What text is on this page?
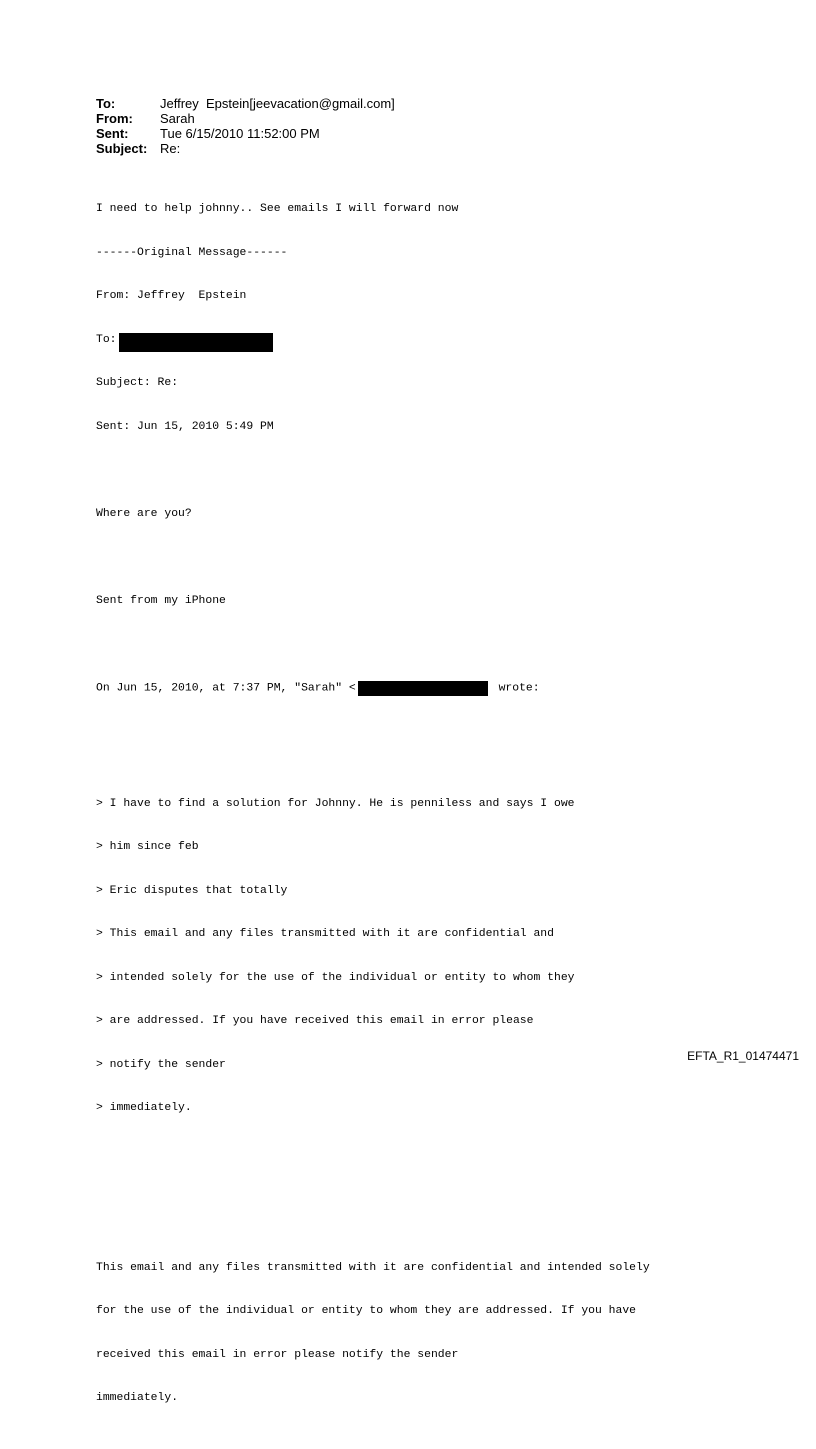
To:	Jeffrey  Epstein[jeevacation@gmail.com]
From:	Sarah
Sent:	Tue 6/15/2010 11:52:00 PM
Subject: Re:

I need to help johnny.. See emails I will forward now

------Original Message------

From: Jeffrey  Epstein

To:

Subject: Re:

Sent: Jun 15, 2010 5:49 PM

Where are you?

Sent from my iPhone

On Jun 15, 2010, at 7:37 PM, "Sarah" <	wrote:

> I have to find a solution for Johnny. He is penniless and says I owe

> him since feb

> Eric disputes that totally

> This email and any files transmitted with it are confidential and

> intended solely for the use of the individual or entity to whom they

> are addressed. If you have received this email in error please

> notify the sender

> immediately.

This email and any files transmitted with it are confidential and intended solely

for the use of the individual or entity to whom they are addressed. If you have

received this email in error please notify the sender

immediately.

EFTA_R1_01474471
